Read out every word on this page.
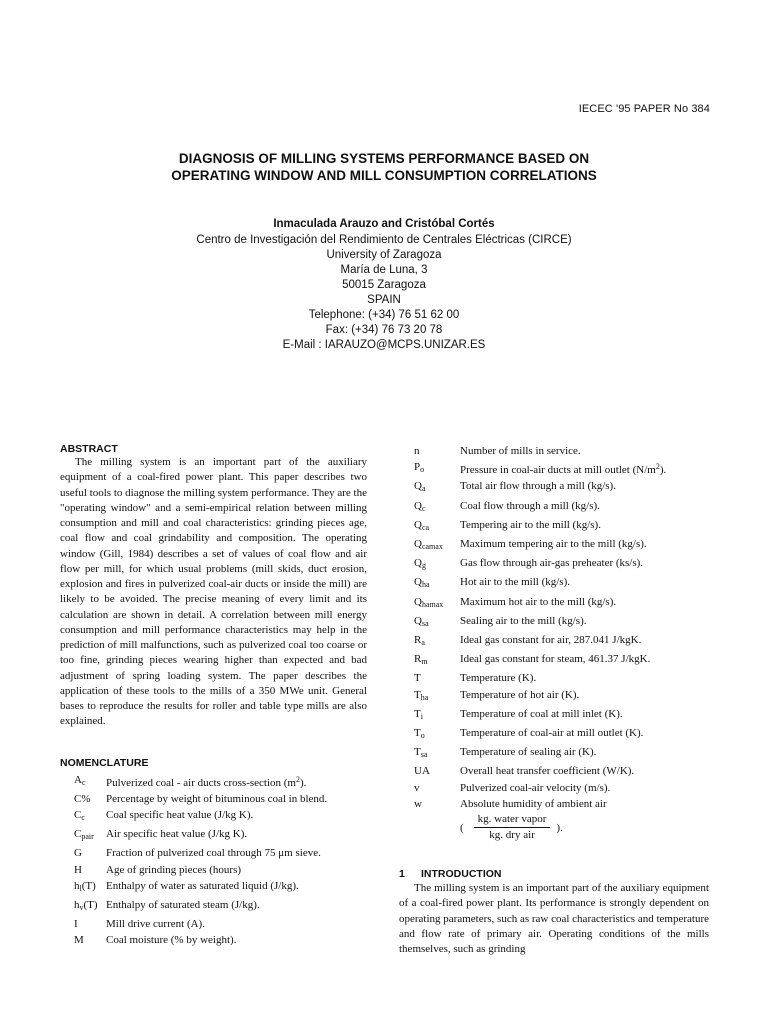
IECEC '95 PAPER No 384
DIAGNOSIS OF MILLING SYSTEMS PERFORMANCE BASED ON
OPERATING WINDOW AND MILL CONSUMPTION CORRELATIONS
Inmaculada Arauzo and Cristóbal Cortés
Centro de Investigación del Rendimiento de Centrales Eléctricas (CIRCE)
University of Zaragoza
María de Luna, 3
50015 Zaragoza
SPAIN
Telephone: (+34) 76 51 62 00
Fax: (+34) 76 73 20 78
E-Mail : IARAUZO@MCPS.UNIZAR.ES
ABSTRACT

The milling system is an important part of the auxiliary equipment of a coal-fired power plant. This paper describes two useful tools to diagnose the milling system performance. They are the "operating window" and a semi-empirical relation between milling consumption and mill and coal characteristics: grinding pieces age, coal flow and coal grindability and composition. The operating window (Gill, 1984) describes a set of values of coal flow and air flow per mill, for which usual problems (mill skids, duct erosion, explosion and fires in pulverized coal-air ducts or inside the mill) are likely to be avoided. The precise meaning of every limit and its calculation are shown in detail. A correlation between mill energy consumption and mill performance characteristics may help in the prediction of mill malfunctions, such as pulverized coal too coarse or too fine, grinding pieces wearing higher than expected and bad adjustment of spring loading system. The paper describes the application of these tools to the mills of a 350 MWe unit. General bases to reproduce the results for roller and table type mills are also explained.

NOMENCLATURE
$A_c$	Pulverized coal - air ducts cross-section $(m^2)$.
C%	Percentage by weight of bituminous coal in blend.
$C_c$	Coal specific heat value (J/kg K).
$C_{pair}$	Air specific heat value (J/kg K).
G	Fraction of pulverized coal through 75 μm sieve.
H	Age of grinding pieces (hours)
$h_l(T)$ Enthalpy of water as saturated liquid (J/kg).
$h_v(T)$ Enthalpy of saturated steam (J/kg).
I	Mill drive current (A).
M	Coal moisture (% by weight).
n	Number of mills in service.
$P_o$	Pressure in coal-air ducts at mill outlet $(N/m^2)$.
$Q_a$	Total air flow through a mill (kg/s).
$Q_c$	Coal flow through a mill (kg/s).
$Q_{ca}$	Tempering air to the mill (kg/s).
$Q_{camax}$	Maximum tempering air to the mill (kg/s).
$Q_g$	Gas flow through air-gas preheater (ks/s).
$Q_{ha}$	Hot air to the mill (kg/s).
$Q_{hamax}$	Maximum hot air to the mill (kg/s).
$Q_{sa}$	Sealing air to the mill (kg/s).
$R_a$	Ideal gas constant for air, 287.041 J/kgK.
$R_m$	Ideal gas constant for steam, 461.37 J/kgK.
T	Temperature (K).
$T_{ha}$	Temperature of hot air (K).
$T_i$	Temperature of coal at mill inlet (K).
$T_o$	Temperature of coal-air at mill outlet (K).
$T_{sa}$	Temperature of sealing air (K).
UA	Overall heat transfer coefficient (W/K).
v	Pulverized coal-air velocity (m/s).
w	Absolute humidity of ambient air
( $\frac{\text{kg. water vapor}}{\text{kg. dry air}}$ ).
1 INTRODUCTION

The milling system is an important part of the auxiliary equipment of a coal-fired power plant. Its performance is strongly dependent on operating parameters, such as raw coal characteristics and temperature and flow rate of primary air. Operating conditions of the mills themselves, such as grinding
